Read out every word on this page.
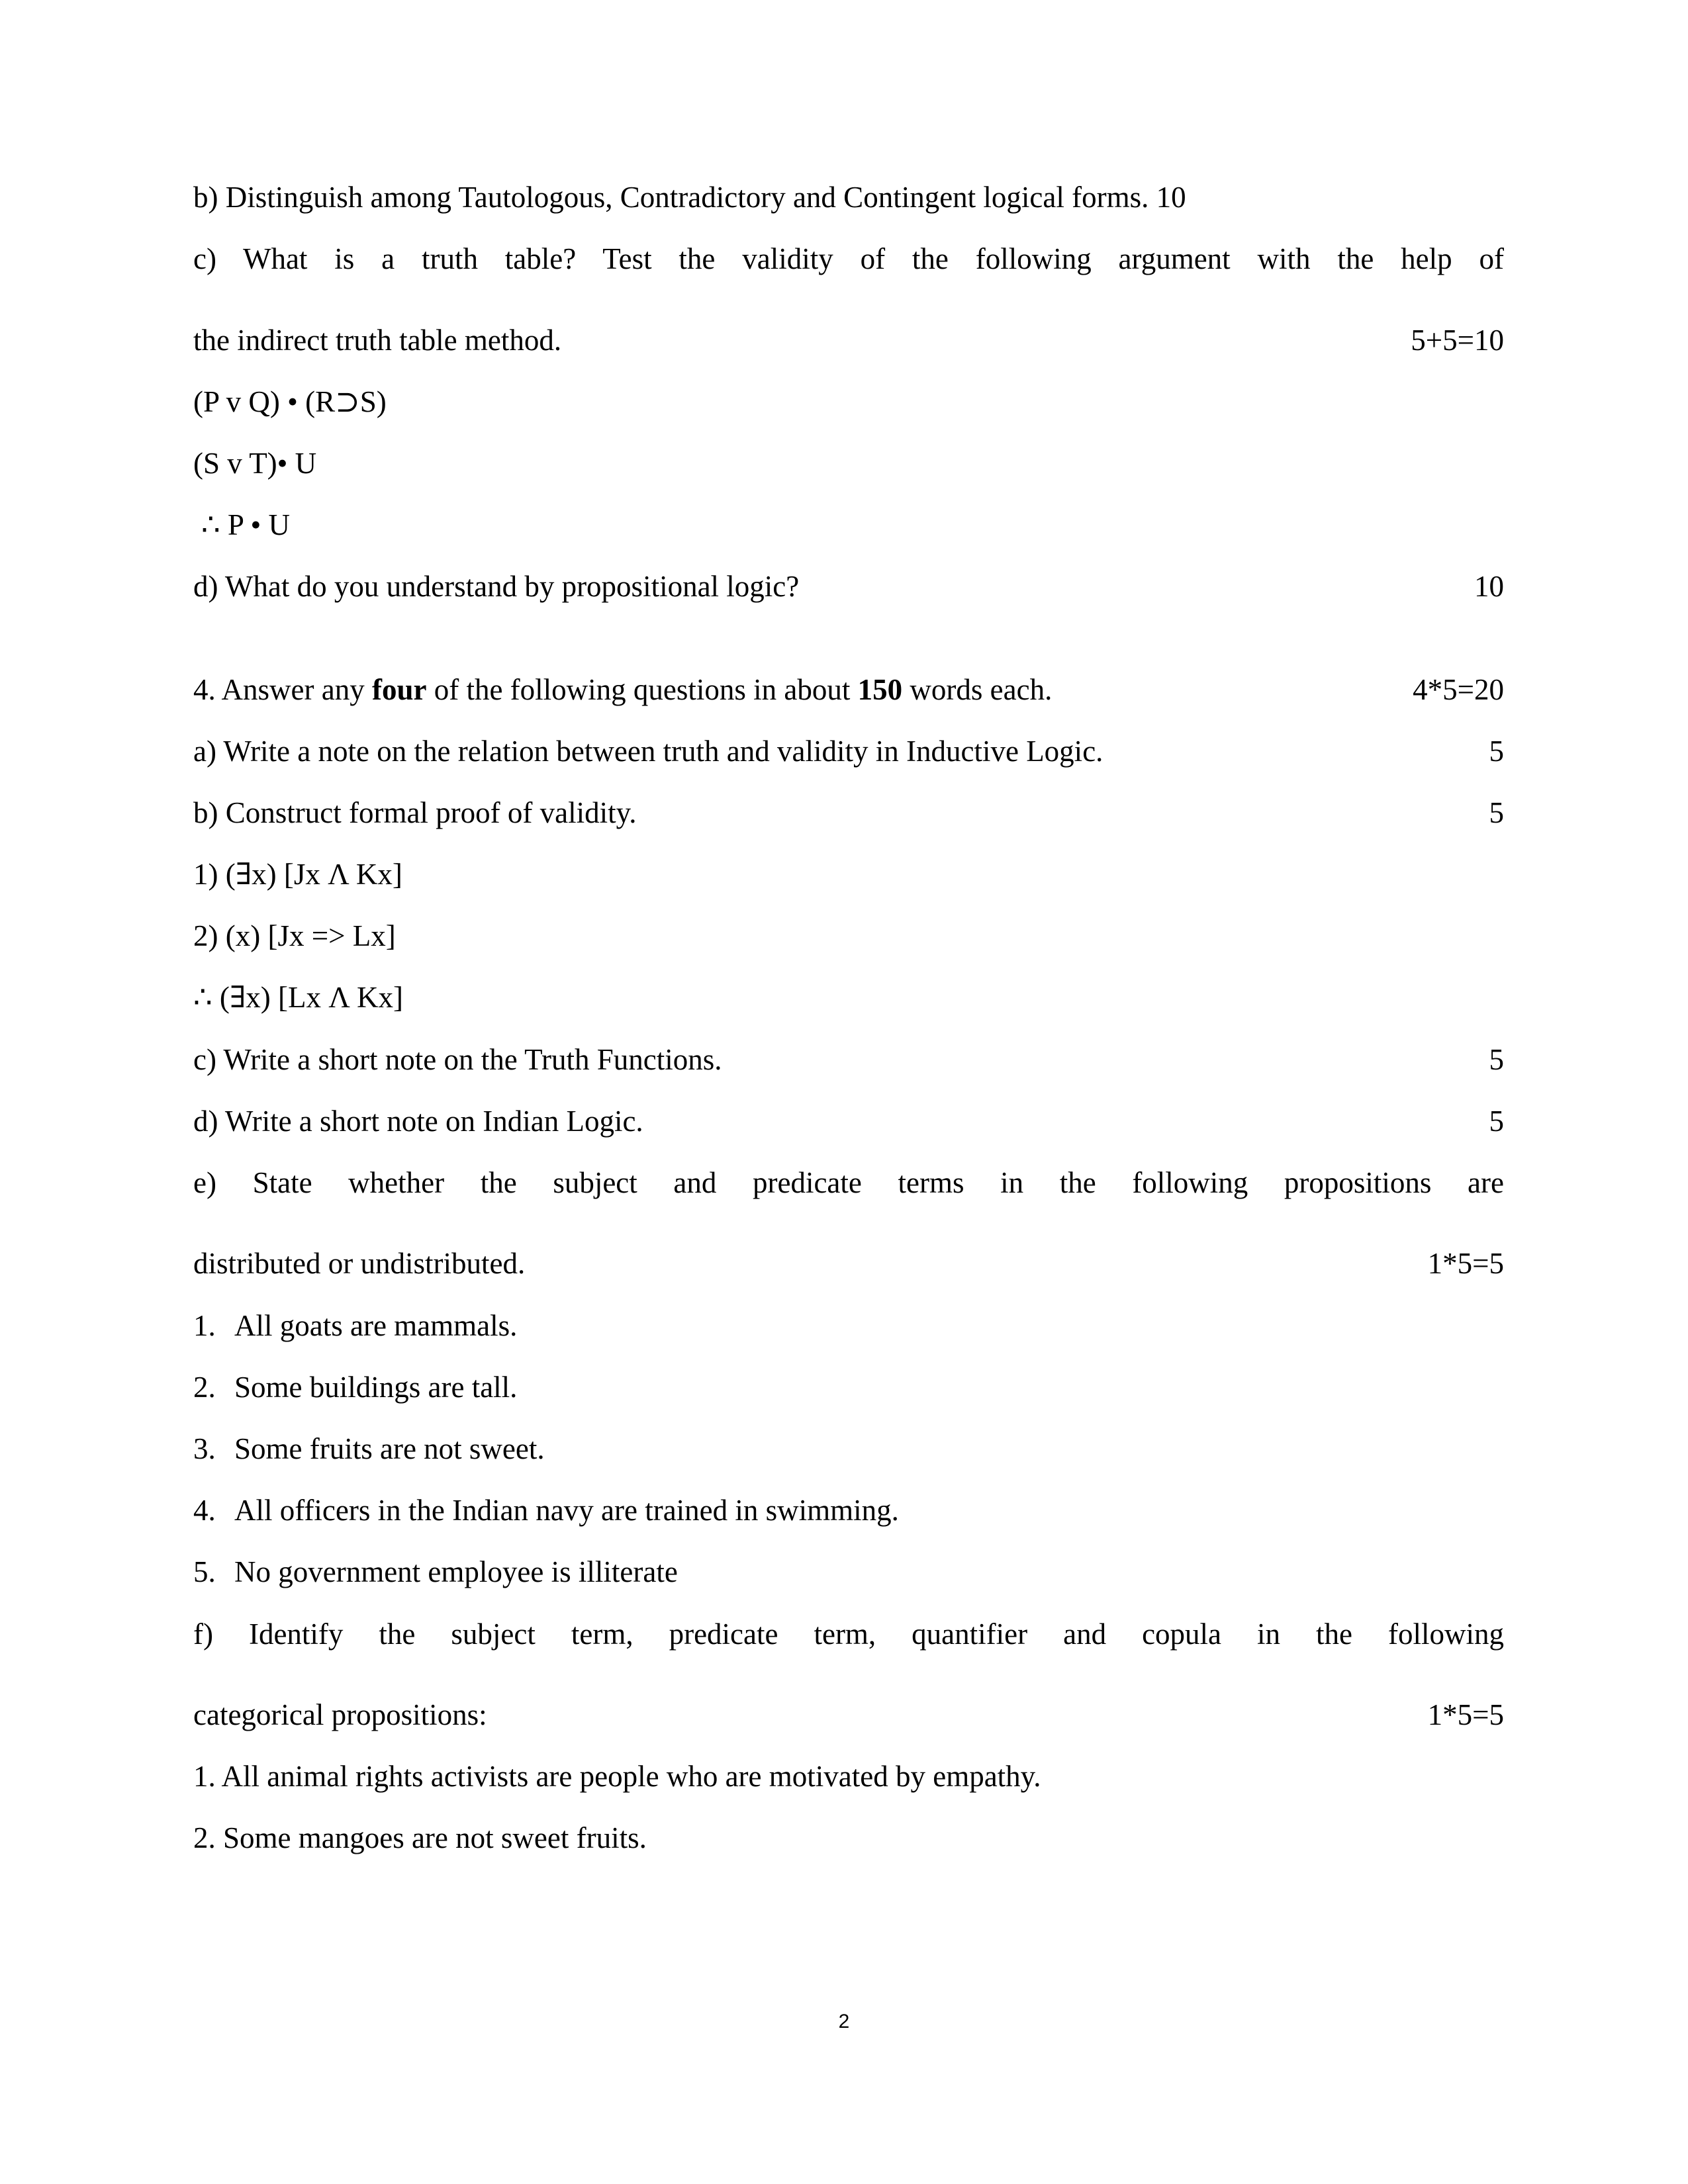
b) Distinguish among Tautologous, Contradictory and Contingent logical forms. 10

c) What is a truth table? Test the validity of the following argument with the help of
the indirect truth table method.	5+5=10
(P v Q) • (R⊃S)
(S v T)• U
∴ P • U
d) What do you understand by propositional logic?	10
4. Answer any four of the following questions in about 150 words each.	4*5=20
a) Write a note on the relation between truth and validity in Inductive Logic.	5
b) Construct formal proof of validity.	5
1) (∃x) [Jx Λ Kx]
2) (x) [Jx => Lx]
∴ (∃x) [Lx Λ Kx]
c) Write a short note on the Truth Functions.	5
d) Write a short note on Indian Logic.	5
e) State whether the subject and predicate terms in the following propositions are
distributed or undistributed.	1*5=5
1. All goats are mammals.
2. Some buildings are tall.
3. Some fruits are not sweet.
4. All officers in the Indian navy are trained in swimming.
5. No government employee is illiterate
f) Identify the subject term, predicate term, quantifier and copula in the following
categorical propositions:	1*5=5
1. All animal rights activists are people who are motivated by empathy.
2. Some mangoes are not sweet fruits.
2
